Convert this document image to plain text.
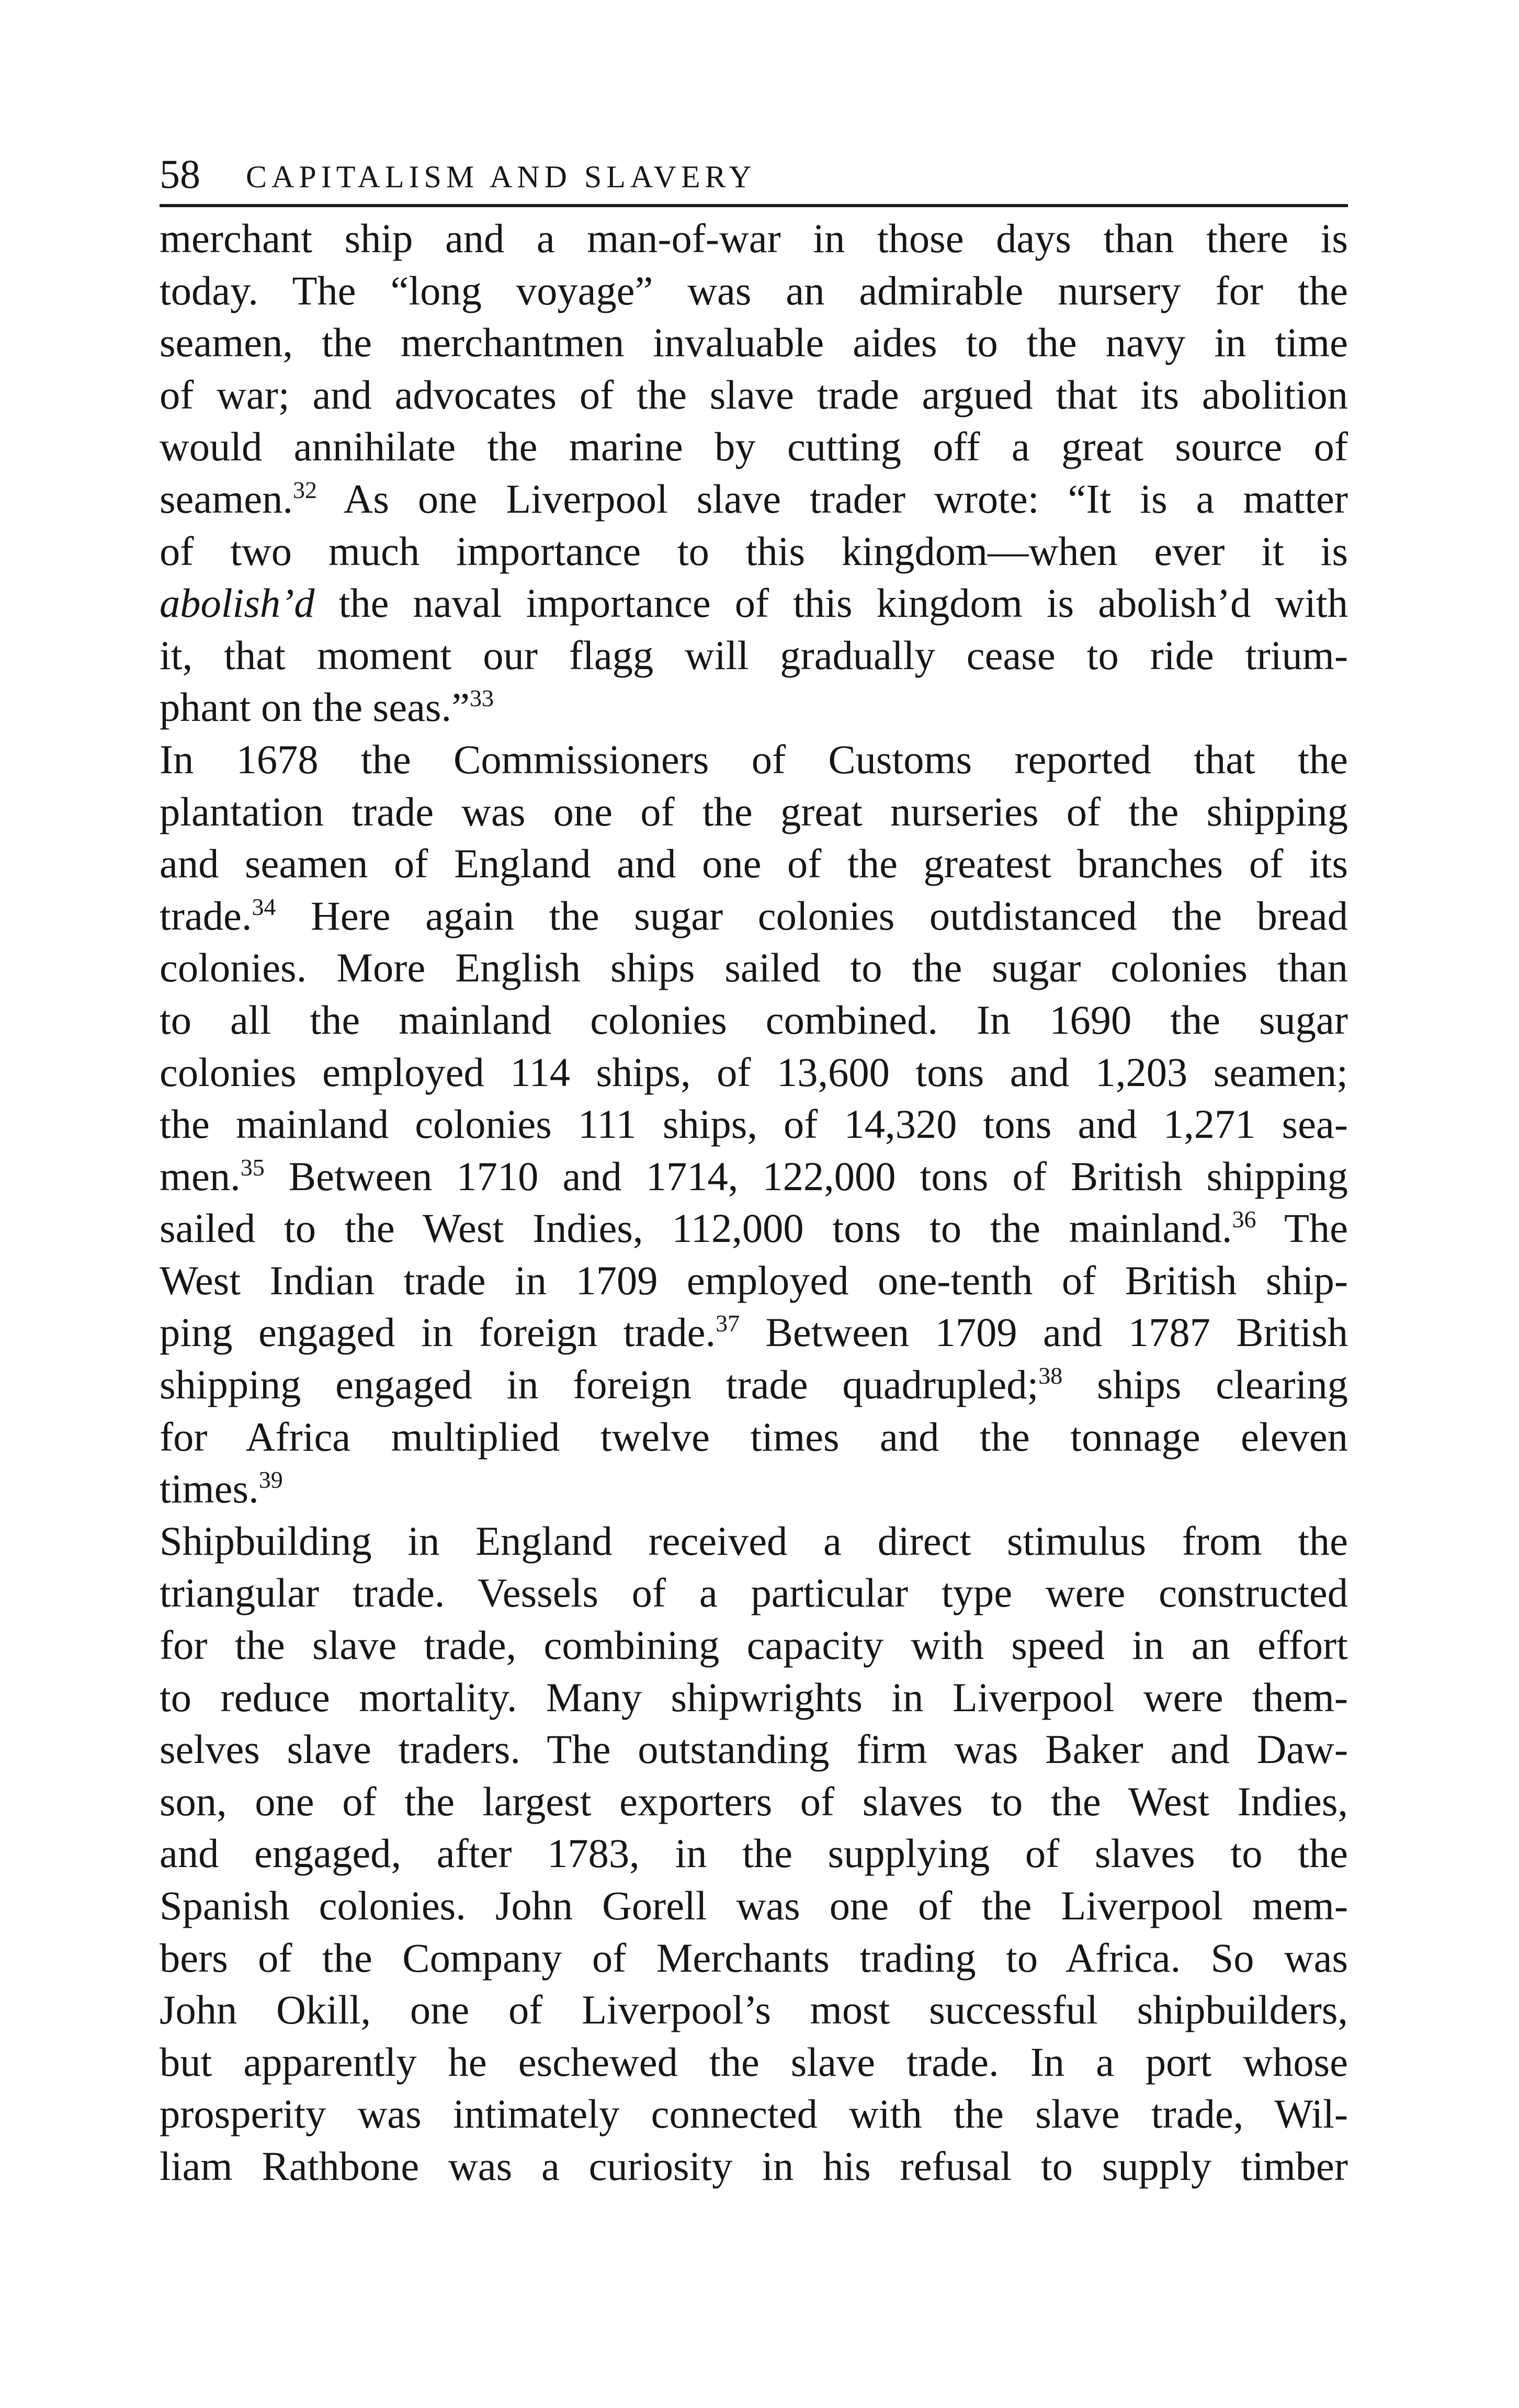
58 CAPITALISM AND SLAVERY
merchant ship and a man-of-war in those days than there is
today. The “long voyage” was an admirable nursery for the
seamen, the merchantmen invaluable aides to the navy in time
of war; and advocates of the slave trade argued that its abolition
would annihilate the marine by cutting off a great source of
seamen.$^{32}$ As one Liverpool slave trader wrote: “It is a matter
of two much importance to this kingdom—when ever it is
abolish’d the naval importance of this kingdom is abolish’d with
it, that moment our flagg will gradually cease to ride trium-
phant on the seas.”$^{33}$
In 1678 the Commissioners of Customs reported that the
plantation trade was one of the great nurseries of the shipping
and seamen of England and one of the greatest branches of its
trade.$^{34}$ Here again the sugar colonies outdistanced the bread
colonies. More English ships sailed to the sugar colonies than
to all the mainland colonies combined. In 1690 the sugar
colonies employed 114 ships, of 13,600 tons and 1,203 seamen;
the mainland colonies 111 ships, of 14,320 tons and 1,271 sea-
men.$^{35}$ Between 1710 and 1714, 122,000 tons of British shipping
sailed to the West Indies, 112,000 tons to the mainland.$^{36}$ The
West Indian trade in 1709 employed one-tenth of British ship-
ping engaged in foreign trade.$^{37}$ Between 1709 and 1787 British
shipping engaged in foreign trade quadrupled;$^{38}$ ships clearing
for Africa multiplied twelve times and the tonnage eleven
times.$^{39}$
Shipbuilding in England received a direct stimulus from the
triangular trade. Vessels of a particular type were constructed
for the slave trade, combining capacity with speed in an effort
to reduce mortality. Many shipwrights in Liverpool were them-
selves slave traders. The outstanding firm was Baker and Daw-
son, one of the largest exporters of slaves to the West Indies,
and engaged, after 1783, in the supplying of slaves to the
Spanish colonies. John Gorell was one of the Liverpool mem-
bers of the Company of Merchants trading to Africa. So was
John Okill, one of Liverpool’s most successful shipbuilders,
but apparently he eschewed the slave trade. In a port whose
prosperity was intimately connected with the slave trade, Wil-
liam Rathbone was a curiosity in his refusal to supply timber
